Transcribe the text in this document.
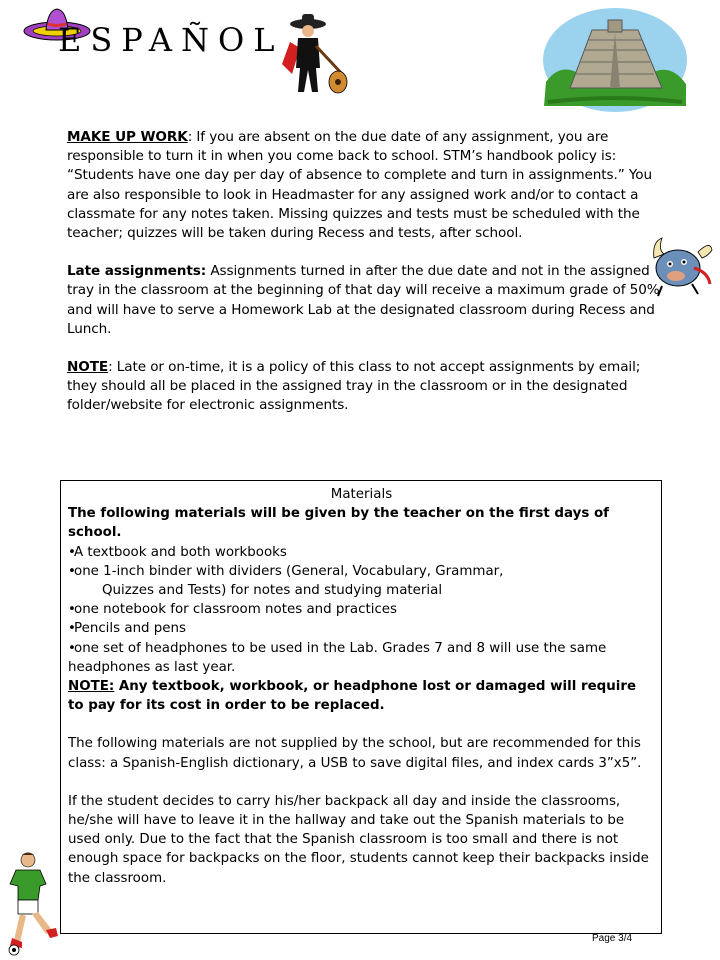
ESPAÑOL

MAKE UP WORK: If you are absent on the due date of any assignment, you are responsible to turn it in when you come back to school. STM’s handbook policy is: “Students have one day per day of absence to complete and turn in assignments.” You are also responsible to look in Headmaster for any assigned work and/or to contact a classmate for any notes taken. Missing quizzes and tests must be scheduled with the teacher; quizzes will be taken during Recess and tests, after school.

Late assignments: Assignments turned in after the due date and not in the assigned tray in the classroom at the beginning of that day will receive a maximum grade of 50% and will have to serve a Homework Lab at the designated classroom during Recess and Lunch.

NOTE: Late or on-time, it is a policy of this class to not accept assignments by email; they should all be placed in the assigned tray in the classroom or in the designated folder/website for electronic assignments.

Materials

The following materials will be given by the teacher on the first days of school.

•A textbook and both workbooks
•one 1-inch binder with dividers (General, Vocabulary, Grammar,
Quizzes and Tests) for notes and studying material
•one notebook for classroom notes and practices
•Pencils and pens
•one set of headphones to be used in the Lab. Grades 7 and 8 will use the same headphones as last year.

NOTE: Any textbook, workbook, or headphone lost or damaged will require to pay for its cost in order to be replaced.

The following materials are not supplied by the school, but are recommended for this class: a Spanish-English dictionary, a USB to save digital files, and index cards 3”x5”.

If the student decides to carry his/her backpack all day and inside the classrooms, he/she will have to leave it in the hallway and take out the Spanish materials to be used only. Due to the fact that the Spanish classroom is too small and there is not enough space for backpacks on the floor, students cannot keep their backpacks inside the classroom.

Page 3/4
